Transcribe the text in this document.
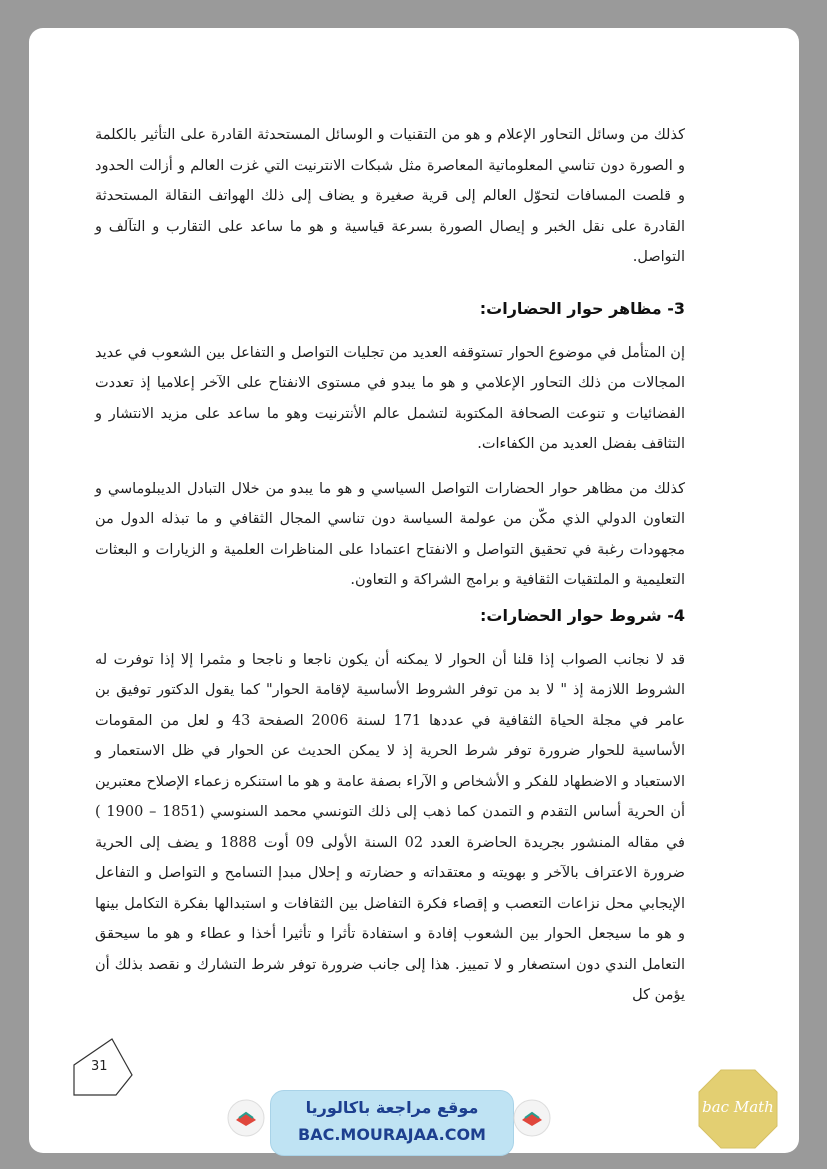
كذلك من وسائل التحاور الإعلام و هو من التقنيات و الوسائل المستحدثة القادرة على التأثير بالكلمة و الصورة دون تناسي المعلوماتية المعاصرة مثل شبكات الانترنيت التي غزت العالم و أزالت الحدود و قلصت المسافات لتحوّل العالم إلى قرية صغيرة و يضاف إلى ذلك الهواتف النقالة المستحدثة القادرة على نقل الخبر و إيصال الصورة بسرعة قياسية و هو ما ساعد على التقارب و التآلف و التواصل.

3- مظاهر حوار الحضارات:

إن المتأمل في موضوع الحوار تستوقفه العديد من تجليات التواصل و التفاعل بين الشعوب في عديد المجالات من ذلك التحاور الإعلامي و هو ما يبدو في مستوى الانفتاح على الآخر إعلاميا إذ تعددت الفضائيات و تنوعت الصحافة المكتوبة لتشمل عالم الأنترنيت وهو ما ساعد على مزيد الانتشار و التثاقف بفضل العديد من الكفاءات.

كذلك من مظاهر حوار الحضارات التواصل السياسي و هو ما يبدو من خلال التبادل الديبلوماسي و التعاون الدولي الذي مكّن من عولمة السياسة دون تناسي المجال الثقافي و ما تبذله الدول من مجهودات رغبة في تحقيق التواصل و الانفتاح اعتمادا على المناظرات العلمية و الزيارات و البعثات التعليمية و الملتقيات الثقافية و برامج الشراكة و التعاون.

4- شروط حوار الحضارات:

قد لا نجانب الصواب إذا قلنا أن الحوار لا يمكنه أن يكون ناجعا و ناجحا و مثمرا إلا إذا توفرت له الشروط اللازمة إذ " لا بد من توفر الشروط الأساسية لإقامة الحوار" كما يقول الدكتور توفيق بن عامر في مجلة الحياة الثقافية في عددها 171 لسنة 2006 الصفحة 43 و لعل من المقومات الأساسية للحوار ضرورة توفر شرط الحرية إذ لا يمكن الحديث عن الحوار في ظل الاستعمار و الاستعباد و الاضطهاد للفكر و الأشخاص و الآراء بصفة عامة و هو ما استنكره زعماء الإصلاح معتبرين أن الحرية أساس التقدم و التمدن كما ذهب إلى ذلك التونسي محمد السنوسي (1851 – 1900 ) في مقاله المنشور بجريدة الحاضرة العدد 02 السنة الأولى 09 أوت 1888 و يضف إلى الحرية ضرورة الاعتراف بالآخر و بهويته و معتقداته و حضارته و إحلال مبدإ التسامح و التواصل و التفاعل الإيجابي محل نزاعات التعصب و إقصاء فكرة التفاضل بين الثقافات و استبدالها بفكرة التكامل بينها و هو ما سيجعل الحوار بين الشعوب إفادة و استفادة تأثرا و تأثيرا أخذا و عطاء و هو ما سيحقق التعامل الندي دون استصغار و لا تمييز. هذا إلى جانب ضرورة توفر شرط التشارك و نقصد بذلك أن يؤمن كل

31
موقع مراجعة باكالوريا
BAC.MOURAJAA.COM
bac Math
